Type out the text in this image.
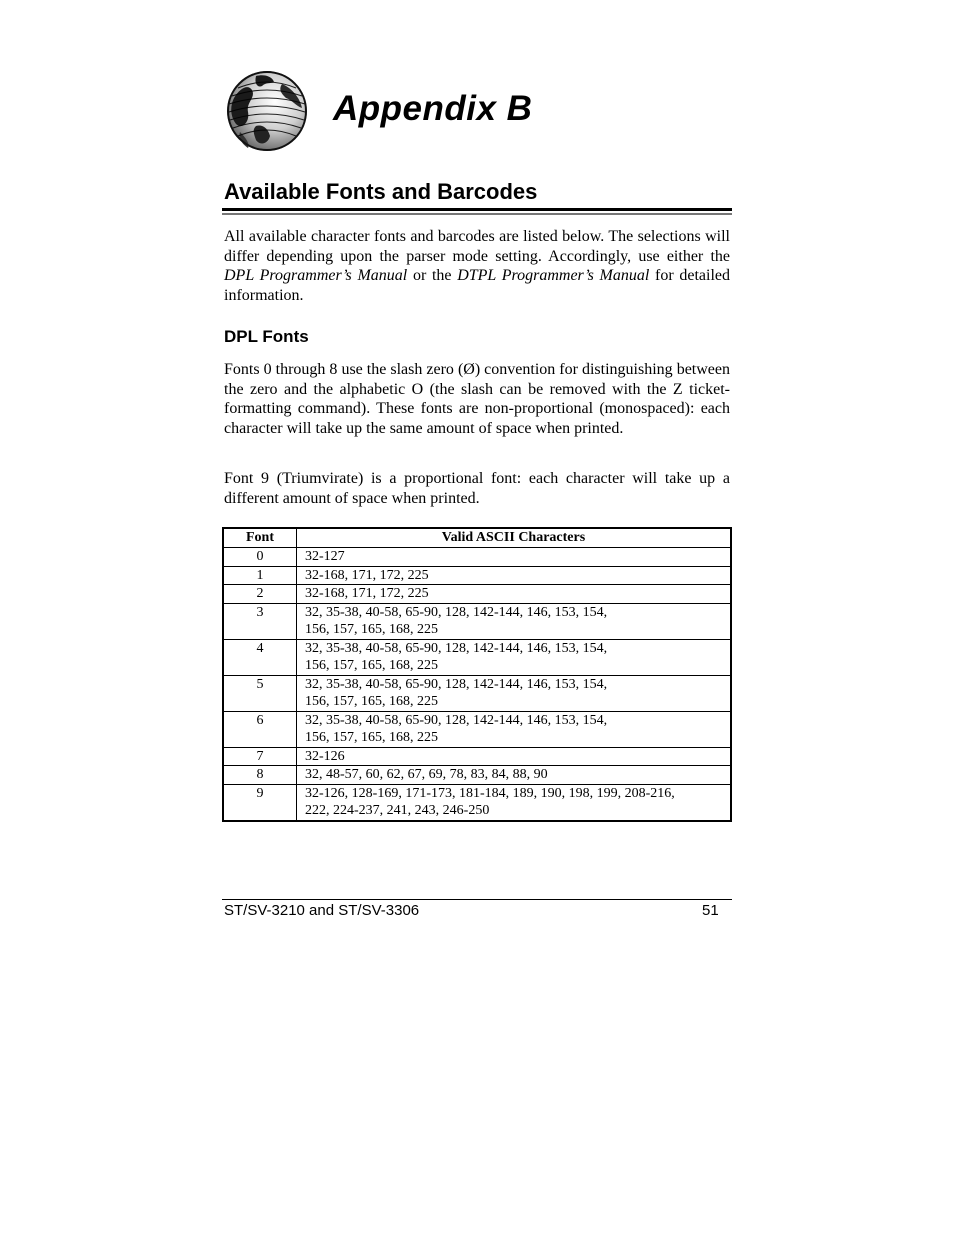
Appendix B
Available Fonts and Barcodes

All available character fonts and barcodes are listed below. The selections will differ depending upon the parser mode setting. Accordingly, use either the DPL Programmer’s Manual or the DTPL Programmer’s Manual for detailed information.

DPL Fonts

Fonts 0 through 8 use the slash zero (Ø) convention for distinguishing between the zero and the alphabetic O (the slash can be removed with the Z ticket-formatting command). These fonts are non-proportional (monospaced): each character will take up the same amount of space when printed.

Font 9 (Triumvirate) is a proportional font: each character will take up a different amount of space when printed.

Font	Valid ASCII Characters
0	32-127

1	32-168, 171, 172, 225

2	32-168, 171, 172, 225

3	32, 35-38, 40-58, 65-90, 128, 142-144, 146, 153, 154,
156, 157, 165, 168, 225

4	32, 35-38, 40-58, 65-90, 128, 142-144, 146, 153, 154,
156, 157, 165, 168, 225

5	32, 35-38, 40-58, 65-90, 128, 142-144, 146, 153, 154,
156, 157, 165, 168, 225

6	32, 35-38, 40-58, 65-90, 128, 142-144, 146, 153, 154,
156, 157, 165, 168, 225

7	32-126

8	32, 48-57, 60, 62, 67, 69, 78, 83, 84, 88, 90

9	32-126, 128-169, 171-173, 181-184, 189, 190, 198, 199, 208-216,
222, 224-237, 241, 243, 246-250

ST/SV-3210 and ST/SV-3306	51
